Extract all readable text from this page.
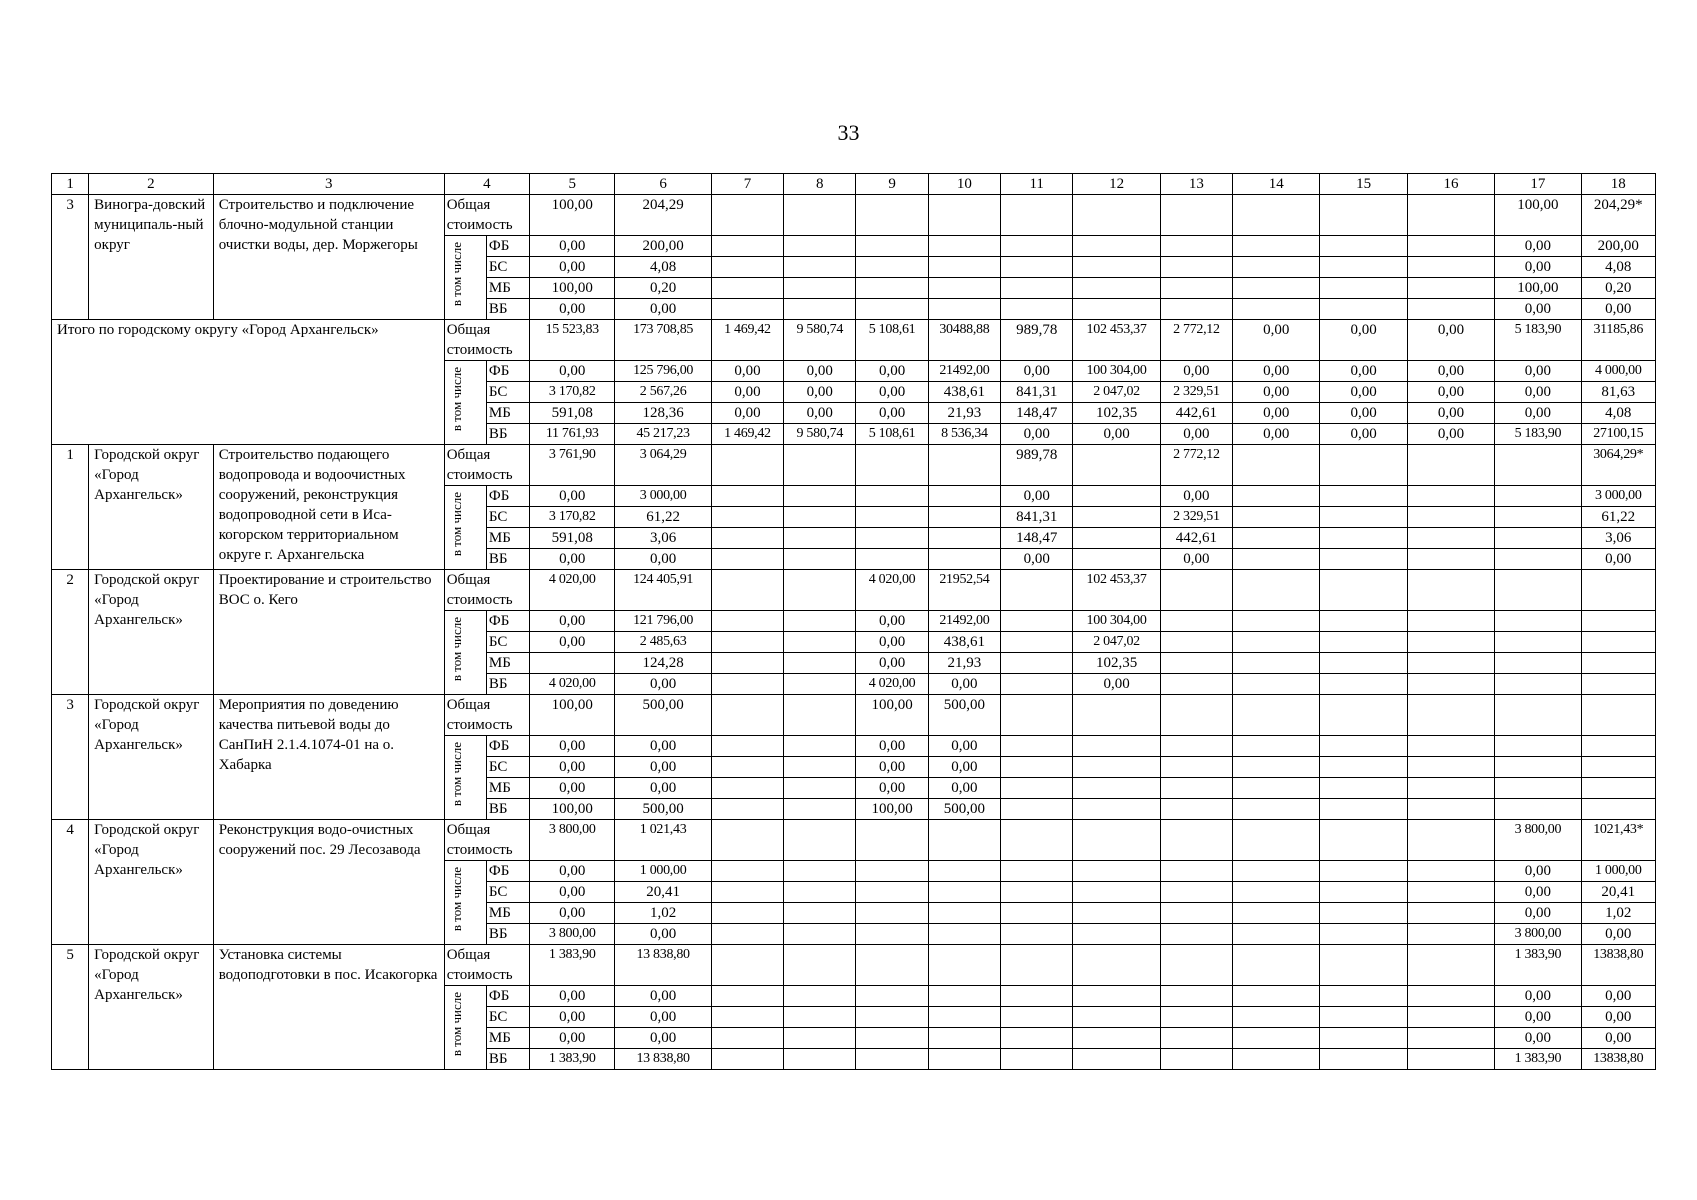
33
1	2	3	4		5	6	7	8	9	10	11	12	13	14	15	16	17	18
3	Виногра-довский муниципаль-ный округ	Строительство и подключение блочно-модульной станции очистки воды, дер. Моржегоры	Общая стоимость		100,00	204,29											100,00	204,29*
			в том числе	ФБ	0,00	200,00											0,00	200,00
				БС	0,00	4,08											0,00	4,08
				МБ	100,00	0,20											100,00	0,20
				ВБ	0,00	0,00											0,00	0,00
Итого по городскому округу «Город Архангельск»			Общая стоимость		15 523,83	173 708,85	1 469,42	9 580,74	5 108,61	30488,88	989,78	102 453,37	2 772,12	0,00	0,00	0,00	5 183,90	31185,86
			в том числе	ФБ	0,00	125 796,00	0,00	0,00	0,00	21492,00	0,00	100 304,00	0,00	0,00	0,00	0,00	0,00	4 000,00
				БС	3 170,82	2 567,26	0,00	0,00	0,00	438,61	841,31	2 047,02	2 329,51	0,00	0,00	0,00	0,00	81,63
				МБ	591,08	128,36	0,00	0,00	0,00	21,93	148,47	102,35	442,61	0,00	0,00	0,00	0,00	4,08
				ВБ	11 761,93	45 217,23	1 469,42	9 580,74	5 108,61	8 536,34	0,00	0,00	0,00	0,00	0,00	0,00	5 183,90	27100,15
1	Городской округ «Город Архангельск»	Строительство подающего водопровода и водоочистных сооружений, реконструкция водопроводной сети в Иса-когорском территориальном округе г. Архангельска	Общая стоимость		3 761,90	3 064,29					989,78		2 772,12					3064,29*
			в том числе	ФБ	0,00	3 000,00					0,00		0,00					3 000,00
				БС	3 170,82	61,22					841,31		2 329,51					61,22
				МБ	591,08	3,06					148,47		442,61					3,06
				ВБ	0,00	0,00					0,00		0,00					0,00
2	Городской округ «Город Архангельск»	Проектирование и строительство ВОС о. Кего	Общая стоимость		4 020,00	124 405,91			4 020,00	21952,54		102 453,37						
			в том числе	ФБ	0,00	121 796,00			0,00	21492,00		100 304,00						
				БС	0,00	2 485,63			0,00	438,61		2 047,02						
				МБ		124,28			0,00	21,93		102,35						
				ВБ	4 020,00	0,00			4 020,00	0,00		0,00						
3	Городской округ «Город Архангельск»	Мероприятия по доведению качества питьевой воды до СанПиН 2.1.4.1074-01 на о. Хабарка	Общая стоимость		100,00	500,00			100,00	500,00								
			в том числе	ФБ	0,00	0,00			0,00	0,00								
				БС	0,00	0,00			0,00	0,00								
				МБ	0,00	0,00			0,00	0,00								
				ВБ	100,00	500,00			100,00	500,00								
4	Городской округ «Город Архангельск»	Реконструкция водо-очистных сооружений пос. 29 Лесозавода	Общая стоимость		3 800,00	1 021,43											3 800,00	1021,43*
			в том числе	ФБ	0,00	1 000,00											0,00	1 000,00
				БС	0,00	20,41											0,00	20,41
				МБ	0,00	1,02											0,00	1,02
				ВБ	3 800,00	0,00											3 800,00	0,00
5	Городской округ «Город Архангельск»	Установка системы водоподготовки в пос. Исакогорка	Общая стоимость		1 383,90	13 838,80											1 383,90	13838,80
			в том числе	ФБ	0,00	0,00											0,00	0,00
				БС	0,00	0,00											0,00	0,00
				МБ	0,00	0,00											0,00	0,00
				ВБ	1 383,90	13 838,80											1 383,90	13838,80
